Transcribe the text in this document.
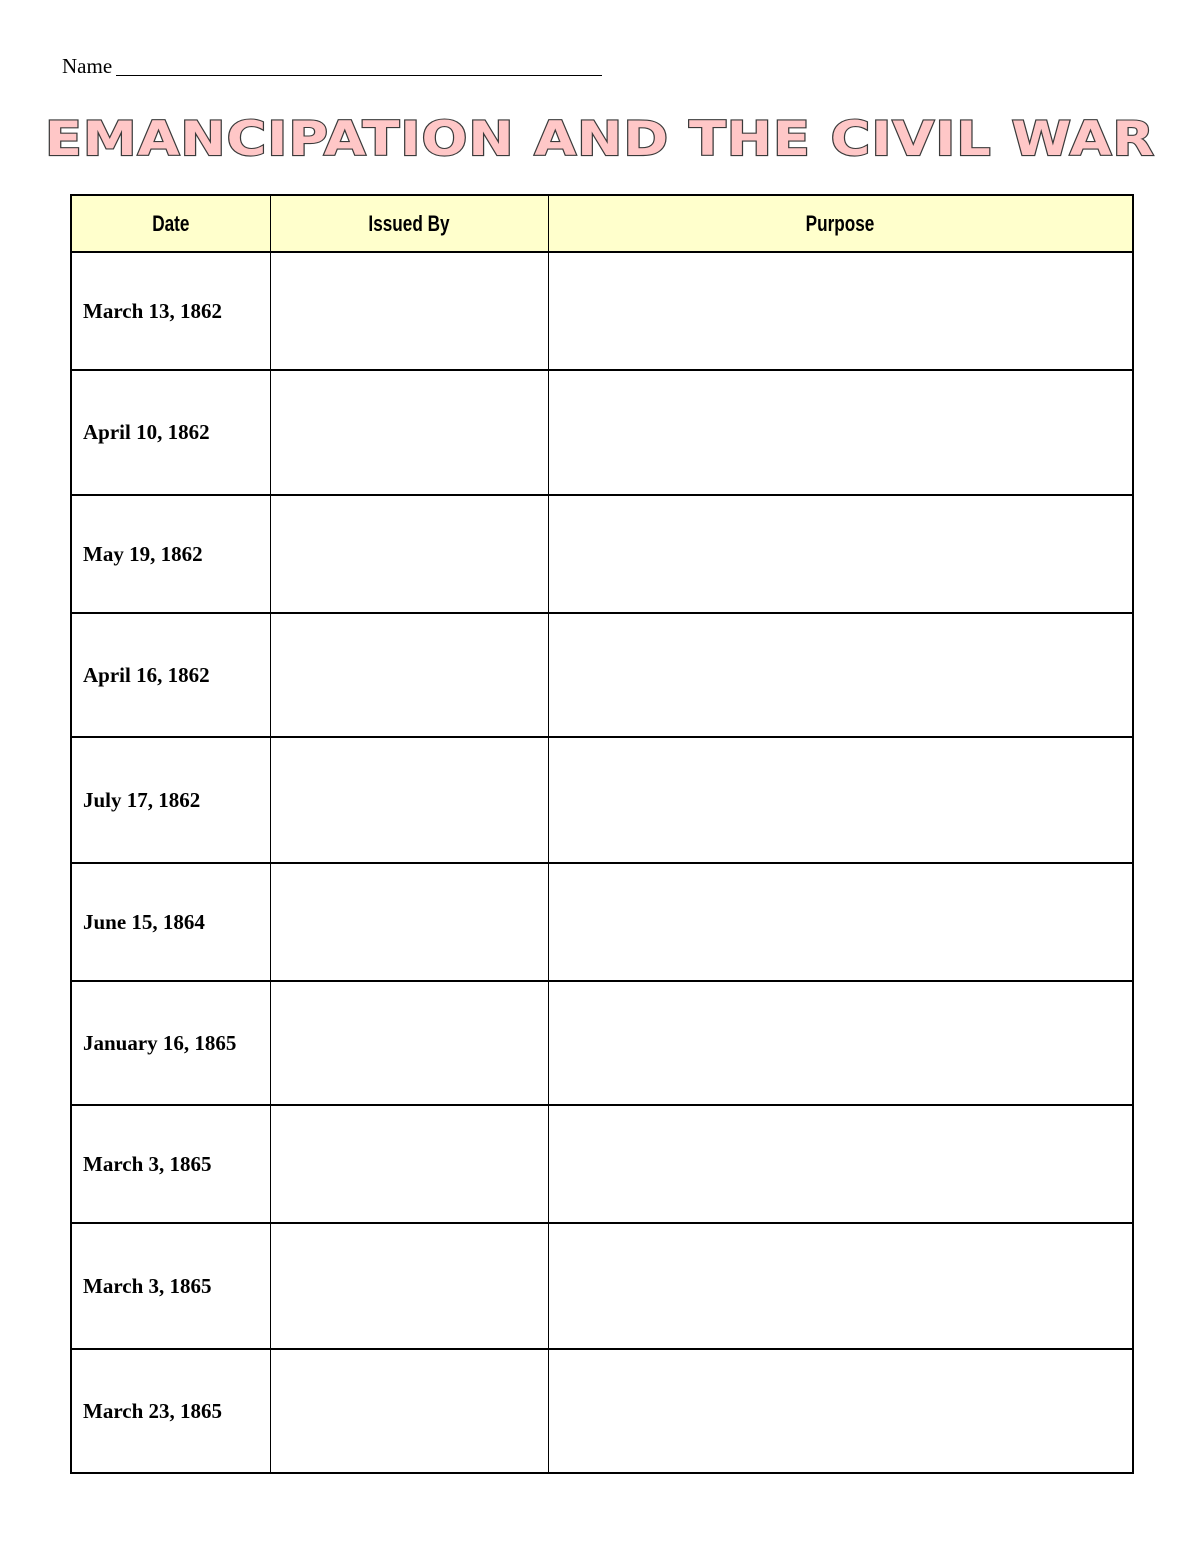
Name
EMANCIPATION AND THE CIVIL WAR
Date	Issued By	Purpose
March 13, 1862		
April 10, 1862		
May 19, 1862		
April 16, 1862		
July 17, 1862		
June 15, 1864		
January 16, 1865		
March 3, 1865		
March 3, 1865		
March 23, 1865		
